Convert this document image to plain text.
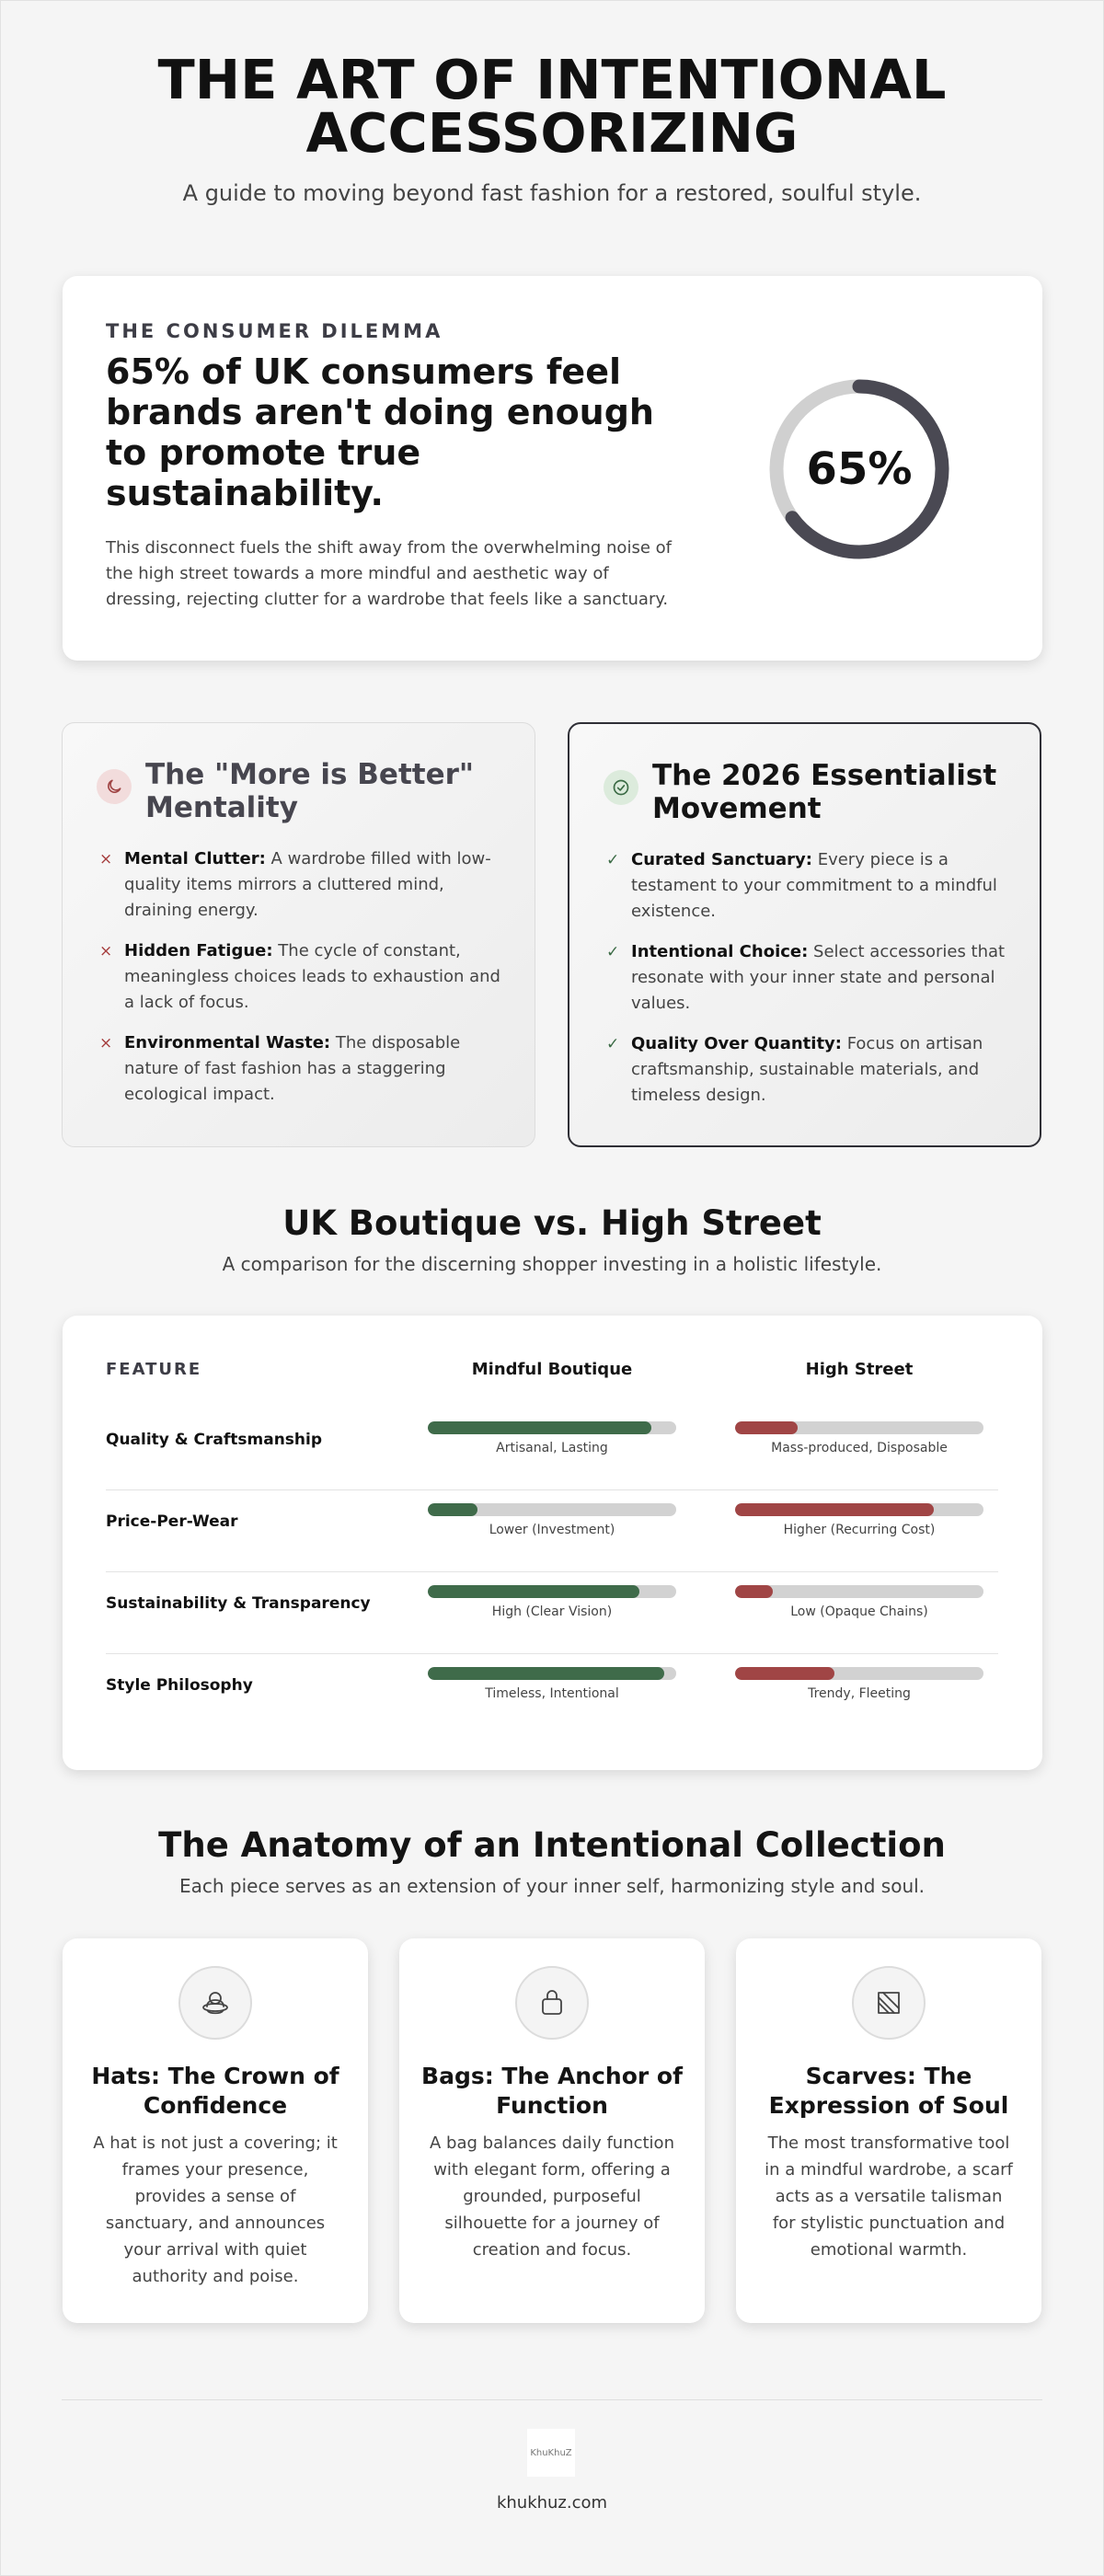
THE ART OF INTENTIONAL ACCESSORIZING

A guide to moving beyond fast fashion for a restored, soulful style.

THE CONSUMER DILEMMA
65% of UK consumers feel brands aren't doing enough to promote true sustainability.

This disconnect fuels the shift away from the overwhelming noise of the high street towards a more mindful and aesthetic way of dressing, rejecting clutter for a wardrobe that feels like a sanctuary.

65%
The "More is Better" Mentality
× Mental Clutter: A wardrobe filled with low-quality items mirrors a cluttered mind, draining energy.
× Hidden Fatigue: The cycle of constant, meaningless choices leads to exhaustion and a lack of focus.
× Environmental Waste: The disposable nature of fast fashion has a staggering ecological impact.
The 2026 Essentialist Movement
✓ Curated Sanctuary: Every piece is a testament to your commitment to a mindful existence.
✓ Intentional Choice: Select accessories that resonate with your inner state and personal values.
✓ Quality Over Quantity: Focus on artisan craftsmanship, sustainable materials, and timeless design.
UK Boutique vs. High Street

A comparison for the discerning shopper investing in a holistic lifestyle.

FEATURE	Mindful Boutique	High Street
Quality & Craftsmanship	Artisanal, Lasting	Mass-produced, Disposable
Price-Per-Wear	Lower (Investment)	Higher (Recurring Cost)
Sustainability & Transparency	High (Clear Vision)	Low (Opaque Chains)
Style Philosophy	Timeless, Intentional	Trendy, Fleeting
The Anatomy of an Intentional Collection

Each piece serves as an extension of your inner self, harmonizing style and soul.

Hats: The Crown of Confidence

A hat is not just a covering; it frames your presence, provides a sense of sanctuary, and announces your arrival with quiet authority and poise.

Bags: The Anchor of Function

A bag balances daily function with elegant form, offering a grounded, purposeful silhouette for a journey of creation and focus.

Scarves: The Expression of Soul

The most transformative tool in a mindful wardrobe, a scarf acts as a versatile talisman for stylistic punctuation and emotional warmth.

KhuKhuZ
khukhuz.com
